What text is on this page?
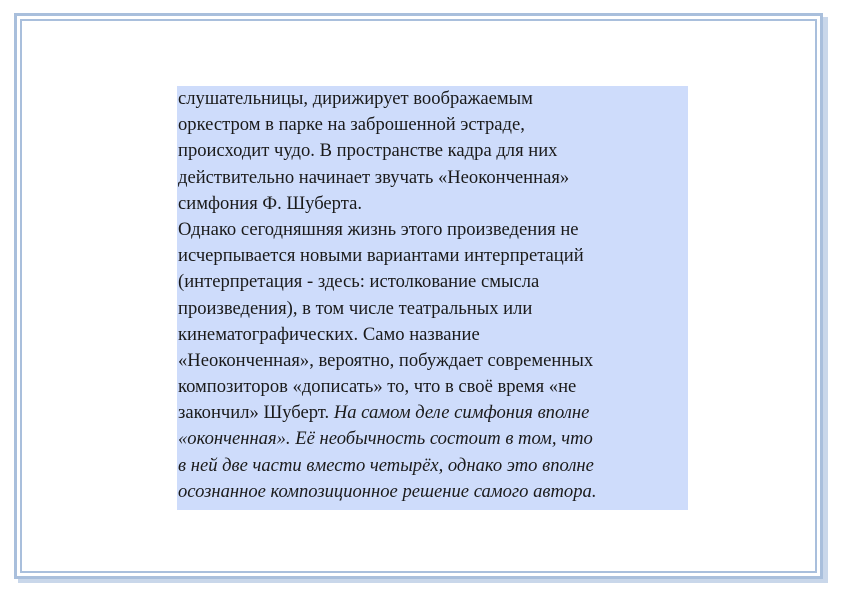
слушательницы, дирижирует воображаемым
оркестром в парке на заброшенной эстраде,
происходит чудо. В пространстве кадра для них
действительно начинает звучать «Неоконченная»
симфония Ф. Шуберта.
Однако сегодняшняя жизнь этого произведения не
исчерпывается новыми вариантами интерпретаций
(интерпретация - здесь: истолкование смысла
произведения), в том числе театральных или
кинематографических. Само название
«Неоконченная», вероятно, побуждает современных
композиторов «дописать» то, что в своё время «не
закончил» Шуберт. На самом деле симфония вполне
«оконченная». Её необычность состоит в том, что
в ней две части вместо четырёх, однако это вполне
осознанное композиционное решение самого автора.
